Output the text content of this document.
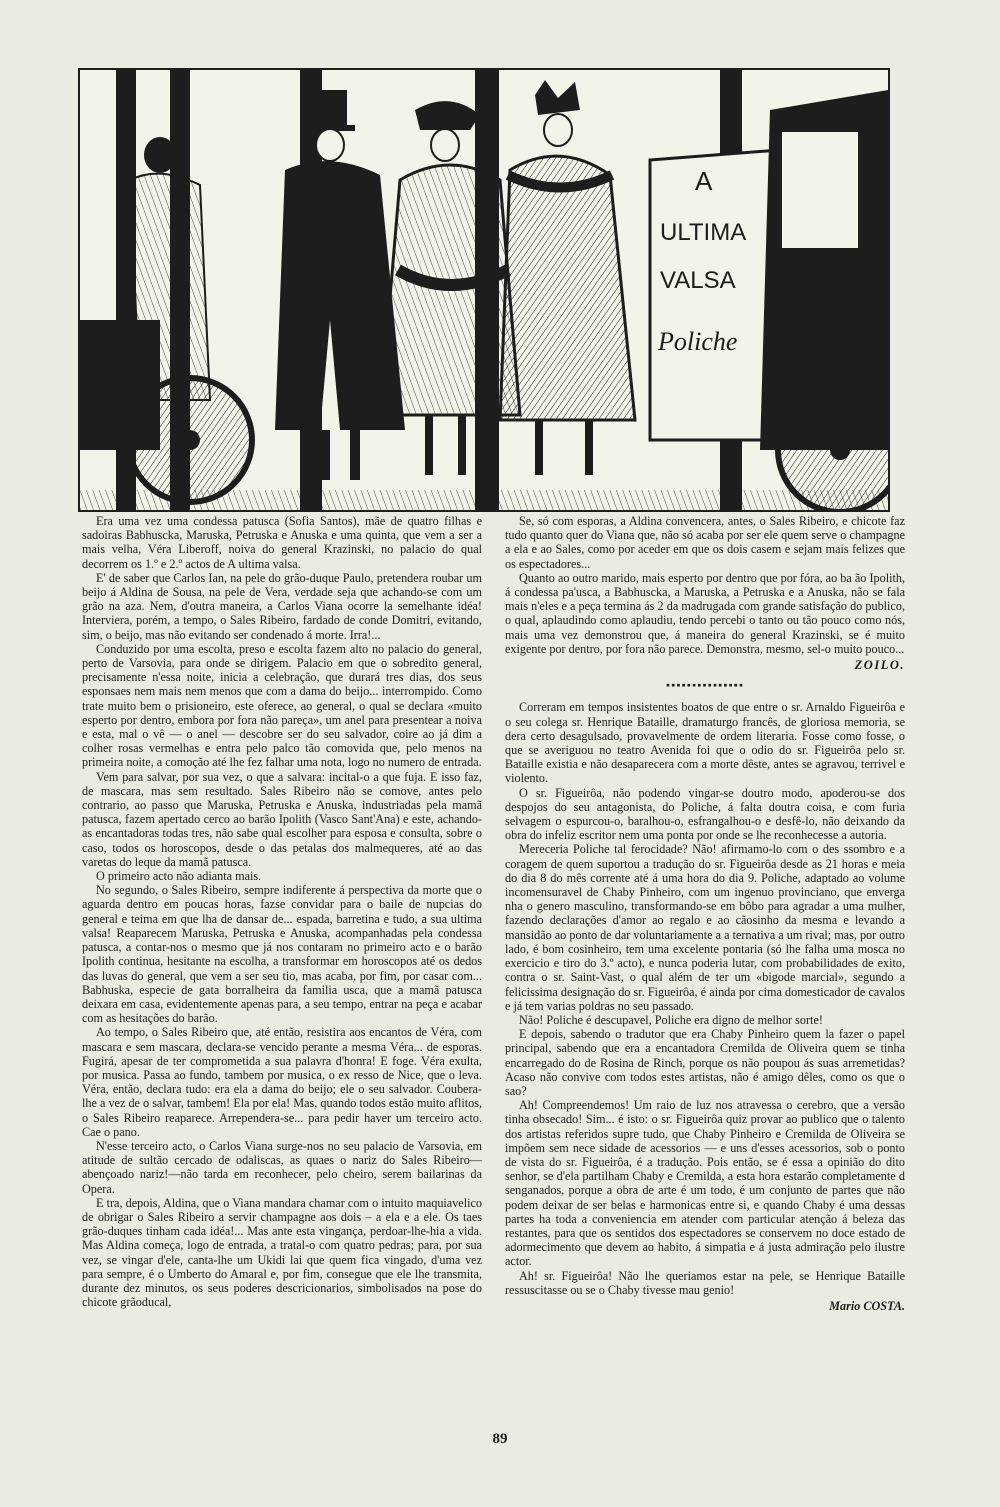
A
ULTIMA
VALSA
Poliche

Era uma vez uma condessa patusca (Sofia Santos), mãe de quatro filhas e sadoiras Babhuscka, Maruska, Petruska e Anuska e uma quinta, que vem a ser a mais velha, Véra Liberoff, noiva do general Krazinski, no palacio do qual decorrem os 1.º e 2.º actos de A ultima valsa.

E' de saber que Carlos Ian, na pele do grão-duque Paulo, pretendera roubar um beijo á Aldina de Sousa, na pele de Vera, verdade seja que achando-se com um grão na aza. Nem, d'outra maneira, a Carlos Viana ocorre la semelhante idéa! Interviera, porém, a tempo, o Sales Ribeiro, fardado de conde Domitri, evitando, sim, o beijo, mas não evitando ser condenado á morte. Irra!...

Conduzido por uma escolta, preso e escolta fazem alto no palacio do general, perto de Varsovia, para onde se dirigem. Palacio em que o sobredito general, precisamente n'essa noite, inicia a celebração, que durará tres dias, dos seus esponsaes nem mais nem menos que com a dama do beijo... interrompido. Como trate muito bem o prisioneiro, este oferece, ao general, o qual se declara «muito esperto por dentro, embora por fora não pareça», um anel para presentear a noiva e esta, mal o vê — o anel — descobre ser do seu salvador, coire ao já dim a colher rosas vermelhas e entra pelo palco tão comovida que, pelo menos na primeira noite, a comoção até lhe fez falhar uma nota, logo no numero de entrada.

Vem para salvar, por sua vez, o que a salvara: incital-o a que fuja. E isso faz, de mascara, mas sem resultado. Sales Ribeiro não se comove, antes pelo contrario, ao passo que Maruska, Petruska e Anuska, industriadas pela mamã patusca, fazem apertado cerco ao barão Ipolith (Vasco Sant'Ana) e este, achando-as encantadoras todas tres, não sabe qual escolher para esposa e consulta, sobre o caso, todos os horoscopos, desde o das petalas dos malmequeres, até ao das varetas do leque da mamã patusca.

O primeiro acto não adianta mais.

No segundo, o Sales Ribeiro, sempre indiferente á perspectiva da morte que o aguarda dentro em poucas horas, fazse convidar para o baile de nupcias do general e teima em que lha de dansar de... espada, barretina e tudo, a sua ultima valsa! Reaparecem Maruska, Petruska e Anuska, acompanhadas pela condessa patusca, a contar-nos o mesmo que já nos contaram no primeiro acto e o barão Ipolith continua, hesitante na escolha, a transformar em horoscopos até os dedos das luvas do general, que vem a ser seu tio, mas acaba, por fim, por casar com... Babhuska, especie de gata borralheira da familia usca, que a mamã patusca deixara em casa, evidentemente apenas para, a seu tempo, entrar na peça e acabar com as hesitações do barão.

Ao tempo, o Sales Ribeiro que, até então, resistira aos encantos de Véra, com mascara e sem mascara, declara-se vencido perante a mesma Véra... de esporas. Fugirá, apesar de ter comprometida a sua palavra d'honra! E foge. Véra exulta, por musica. Passa ao fundo, tambem por musica, o ex resso de Nice, que o leva. Véra, então, declara tudo: era ela a dama do beijo; ele o seu salvador. Coubera-lhe a vez de o salvar, tambem! Ela por ela! Mas, quando todos estão muito aflitos, o Sales Ribeiro reaparece. Arrependera-se... para pedir haver um terceiro acto. Cae o pano.

N'esse terceiro acto, o Carlos Viana surge-nos no seu palacio de Varsovia, em atitude de sultão cercado de odaliscas, as quaes o nariz do Sales Ribeiro—abençoado nariz!—não tarda em reconhecer, pelo cheiro, serem bailarinas da Opera.

E tra, depois, Aldina, que o Viana mandara chamar com o intuito maquiavelico de obrigar o Sales Ribeiro a servir champagne aos dois – a ela e a ele. Os taes grão-duques tinham cada idéa!... Mas ante esta vingança, perdoar-lhe-hia a vida. Mas Aldina começa, logo de entrada, a tratal-o com quatro pedras; para, por sua vez, se vingar d'ele, canta-lhe um Ukidi lai que quem fica vingado, d'uma vez para sempre, é o Umberto do Amaral e, por fim, consegue que ele lhe transmita, durante dez minutos, os seus poderes descricionarios, simbolisados na pose do chicote grãoducal,

Se, só com esporas, a Aldina convencera, antes, o Sales Ribeiro, e chicote faz tudo quanto quer do Viana que, não só acaba por ser ele quem serve o champagne a ela e ao Sales, como por aceder em que os dois casem e sejam mais felizes que os espectadores...

Quanto ao outro marido, mais esperto por dentro que por fóra, ao ba ão Ipolith, á condessa pa'usca, a Babhuscka, a Maruska, a Petruska e a Anuska, não se fala mais n'eles e a peça termina ás 2 da madrugada com grande satisfação do publico, o qual, aplaudindo como aplaudiu, tendo percebi o tanto ou tão pouco como nós, mais uma vez demonstrou que, á maneira do general Krazinski, se é muito exigente por dentro, por fora não parece. Demonstra, mesmo, sel-o muito pouco...

ZOILO.
▪▪▪▪▪▪▪▪▪▪▪▪▪▪▪

Correram em tempos insistentes boatos de que entre o sr. Arnaldo Figueirôa e o seu colega sr. Henrique Bataille, dramaturgo francês, de gloriosa memoria, se dera certo desagulsado, provavelmente de ordem literaria. Fosse como fosse, o que se averiguou no teatro Avenida foi que o odio do sr. Figueirôa pelo sr. Bataille existia e não desaparecera com a morte dêste, antes se agravou, terrivel e violento.

O sr. Figueirôa, não podendo vingar-se doutro modo, apoderou-se dos despojos do seu antagonista, do Poliche, á falta doutra coisa, e com furia selvagem o espurcou-o, baralhou-o, esfrangalhou-o e desfê-lo, não deixando da obra do infeliz escritor nem uma ponta por onde se lhe reconhecesse a autoria.

Mereceria Poliche tal ferocidade? Não! afirmamo-lo com o des ssombro e a coragem de quem suportou a tradução do sr. Figueirôa desde as 21 horas e meia do dia 8 do mês corrente até á uma hora do dia 9. Poliche, adaptado ao volume incomensuravel de Chaby Pinheiro, com um ingenuo provinciano, que enverga nha o genero masculino, transformando-se em bôbo para agradar a uma mulher, fazendo declarações d'amor ao regalo e ao cãosinho da mesma e levando a mansidão ao ponto de dar voluntariamente a a ternativa a um rival; mas, por outro lado, é bom cosinheiro, tem uma excelente pontaria (só lhe falha uma mosca no exercicio e tiro do 3.º acto), e nunca poderia lutar, com probabilidades de exito, contra o sr. Saint-Vast, o qual além de ter um «bigode marcial», segundo a felicissima designação do sr. Figueirôa, é ainda por cima domesticador de cavalos e já tem varias poldras no seu passado.

Não! Poliche é descupavel, Poliche era digno de melhor sorte!

E depois, sabendo o tradutor que era Chaby Pinheiro quem la fazer o papel principal, sabendo que era a encantadora Cremilda de Oliveira quem se tinha encarregado do de Rosina de Rinch, porque os não poupou ás suas arremetidas? Acaso não convive com todos estes artistas, não é amigo dêles, como os que o sao?

Ah! Compreendemos! Um raio de luz nos atravessa o cerebro, que a versão tinha obsecado! Sim... é isto: o sr. Figueirôa quiz provar ao publico que o talento dos artistas referidos supre tudo, que Chaby Pinheiro e Cremilda de Oliveira se impõem sem nece sidade de acessorios — e uns d'esses acessorios, sob o ponto de vista do sr. Figueirôa, é a tradução. Pois então, se é essa a opinião do dito senhor, se d'ela partilham Chaby e Cremilda, a esta hora estarão completamente d senganados, porque a obra de arte é um todo, é um conjunto de partes que não podem deixar de ser belas e harmonicas entre si, e quando Chaby é uma dessas partes ha toda a conveniencia em atender com particular atenção á beleza das restantes, para que os sentidos dos espectadores se conservem no doce estado de adormecimento que devem ao habito, á simpatia e á justa admiração pelo ilustre actor.

Ah! sr. Figueirôa! Não lhe queriamos estar na pele, se Henrique Bataille ressuscitasse ou se o Chaby tivesse mau genio!

Mario COSTA.
89
